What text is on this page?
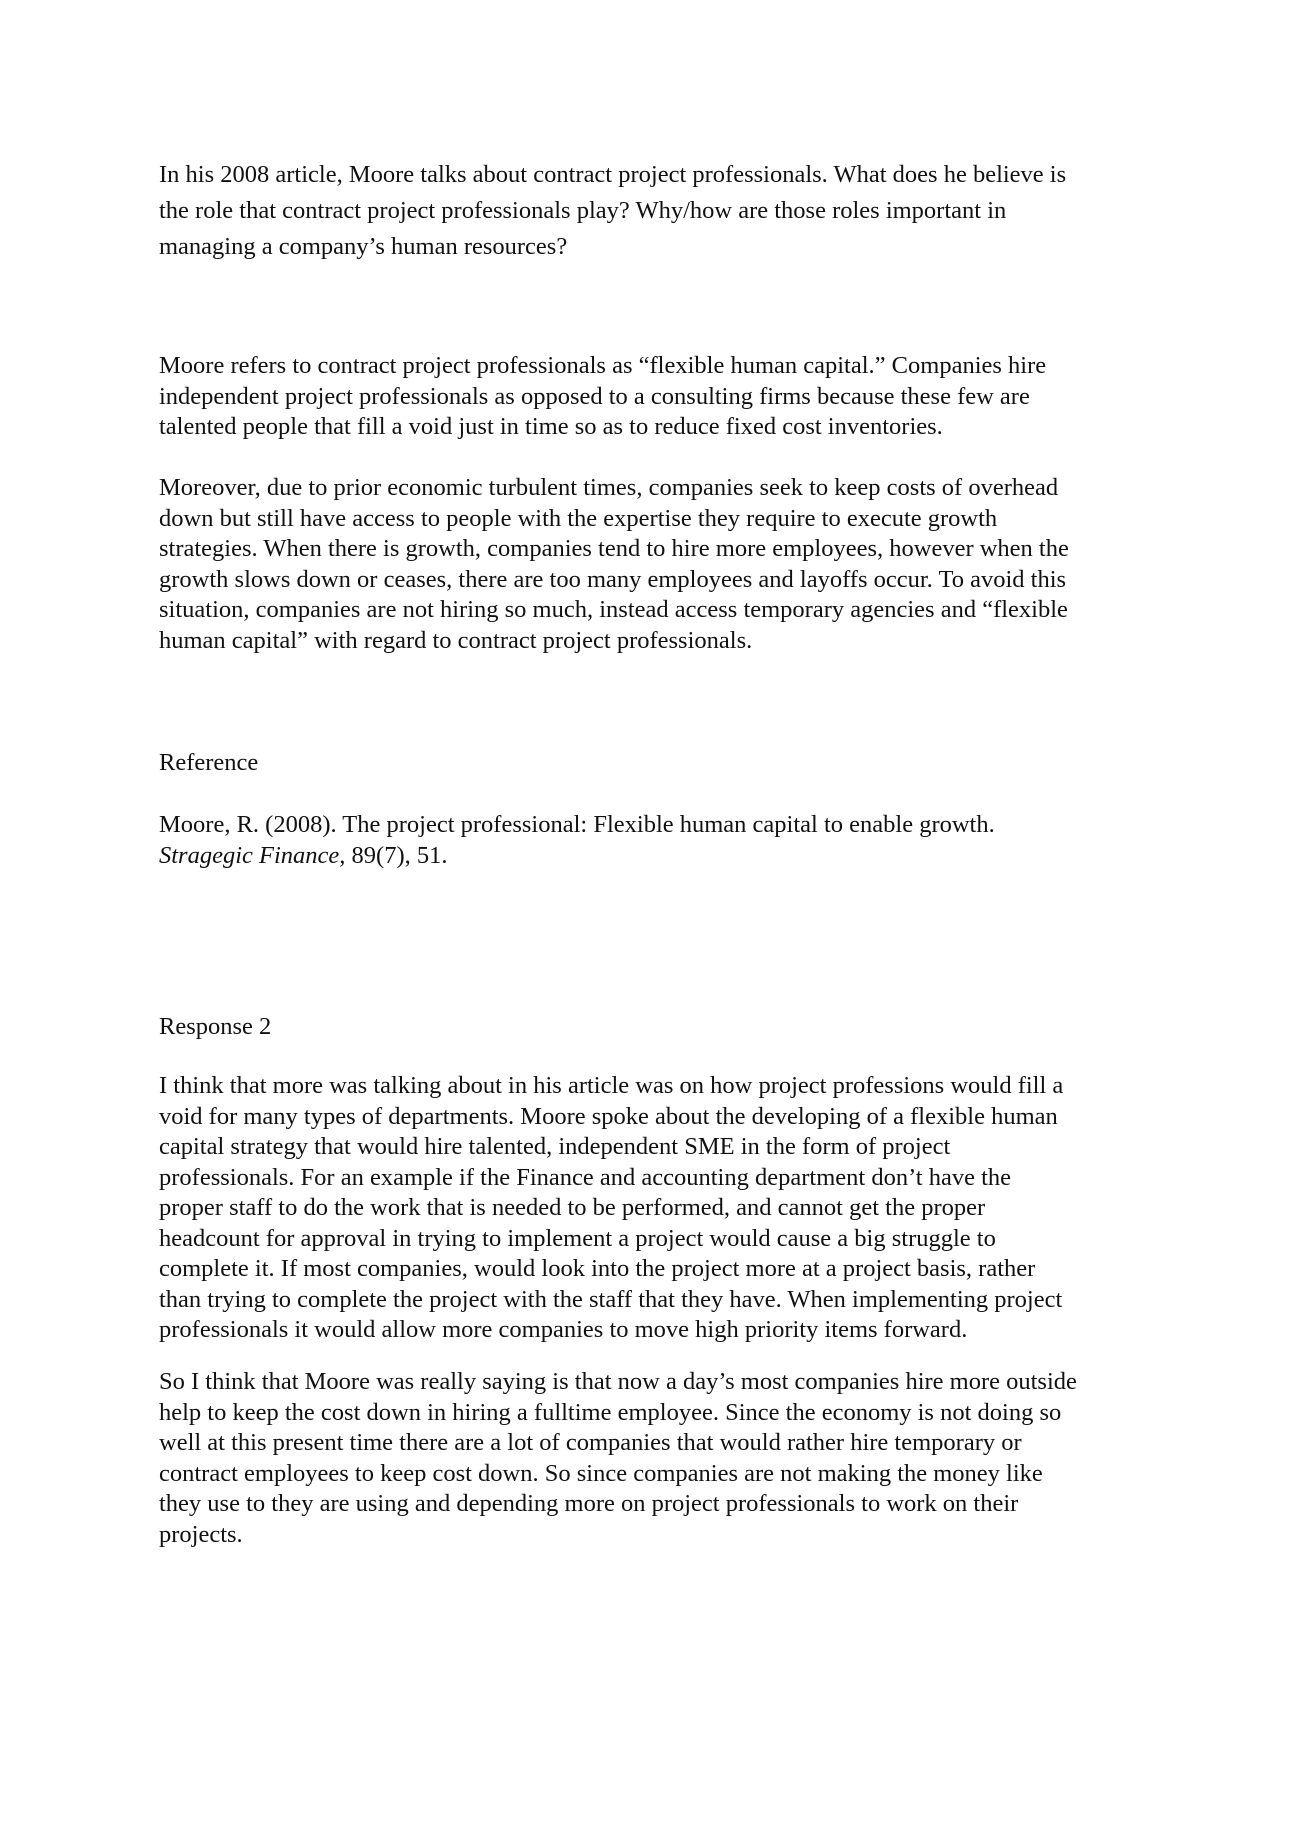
In his 2008 article, Moore talks about contract project professionals. What does he believe is
the role that contract project professionals play? Why/how are those roles important in
managing a company’s human resources?

Moore refers to contract project professionals as “flexible human capital.” Companies hire
independent project professionals as opposed to a consulting firms because these few are
talented people that fill a void just in time so as to reduce fixed cost inventories.

Moreover, due to prior economic turbulent times, companies seek to keep costs of overhead
down but still have access to people with the expertise they require to execute growth
strategies. When there is growth, companies tend to hire more employees, however when the
growth slows down or ceases, there are too many employees and layoffs occur. To avoid this
situation, companies are not hiring so much, instead access temporary agencies and “flexible
human capital” with regard to contract project professionals.

Reference

Moore, R. (2008). The project professional: Flexible human capital to enable growth.
Stragegic Finance, 89(7), 51.

Response 2

I think that more was talking about in his article was on how project professions would fill a
void for many types of departments. Moore spoke about the developing of a flexible human
capital strategy that would hire talented, independent SME in the form of project
professionals. For an example if the Finance and accounting department don’t have the
proper staff to do the work that is needed to be performed, and cannot get the proper
headcount for approval in trying to implement a project would cause a big struggle to
complete it. If most companies, would look into the project more at a project basis, rather
than trying to complete the project with the staff that they have. When implementing project
professionals it would allow more companies to move high priority items forward.

So I think that Moore was really saying is that now a day’s most companies hire more outside
help to keep the cost down in hiring a fulltime employee. Since the economy is not doing so
well at this present time there are a lot of companies that would rather hire temporary or
contract employees to keep cost down. So since companies are not making the money like
they use to they are using and depending more on project professionals to work on their
projects.
